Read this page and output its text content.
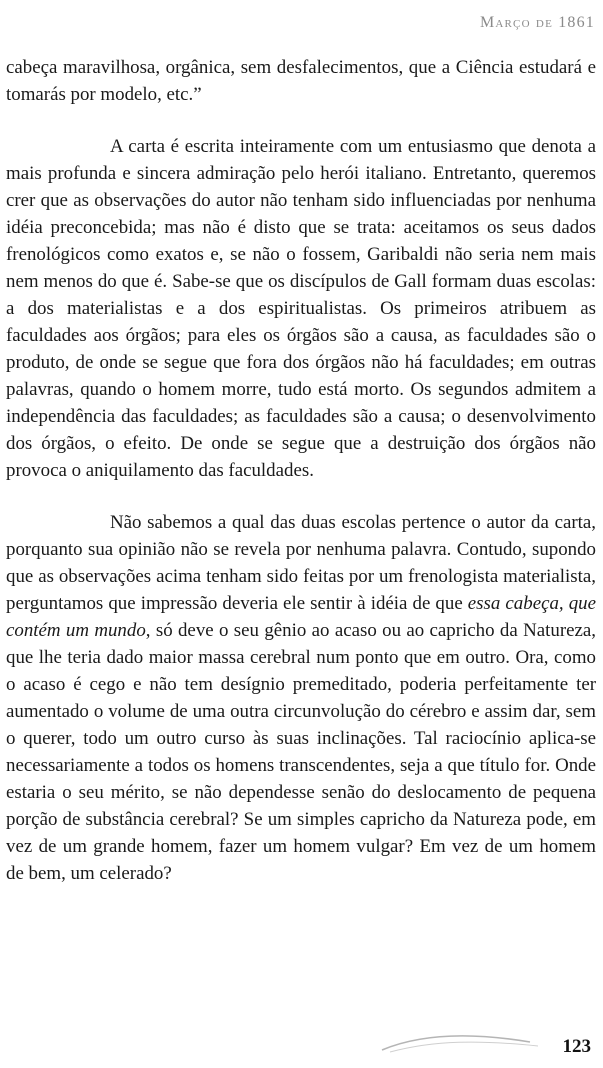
Março de 1861

cabeça maravilhosa, orgânica, sem desfalecimentos, que a Ciência estudará e tomarás por modelo, etc.”

A carta é escrita inteiramente com um entusiasmo que denota a mais profunda e sincera admiração pelo herói italiano. Entretanto, queremos crer que as observações do autor não tenham sido influenciadas por nenhuma idéia preconcebida; mas não é disto que se trata: aceitamos os seus dados frenológicos como exatos e, se não o fossem, Garibaldi não seria nem mais nem menos do que é. Sabe-se que os discípulos de Gall formam duas escolas: a dos materialistas e a dos espiritualistas. Os primeiros atribuem as faculdades aos órgãos; para eles os órgãos são a causa, as faculdades são o produto, de onde se segue que fora dos órgãos não há faculdades; em outras palavras, quando o homem morre, tudo está morto. Os segundos admitem a independência das faculdades; as faculdades são a causa; o desenvolvimento dos órgãos, o efeito. De onde se segue que a destruição dos órgãos não provoca o aniquilamento das faculdades.

Não sabemos a qual das duas escolas pertence o autor da carta, porquanto sua opinião não se revela por nenhuma palavra. Contudo, supondo que as observações acima tenham sido feitas por um frenologista materialista, perguntamos que impressão deveria ele sentir à idéia de que essa cabeça, que contém um mundo, só deve o seu gênio ao acaso ou ao capricho da Natureza, que lhe teria dado maior massa cerebral num ponto que em outro. Ora, como o acaso é cego e não tem desígnio premeditado, poderia perfeitamente ter aumentado o volume de uma outra circunvolução do cérebro e assim dar, sem o querer, todo um outro curso às suas inclinações. Tal raciocínio aplica-se necessariamente a todos os homens transcendentes, seja a que título for. Onde estaria o seu mérito, se não dependesse senão do deslocamento de pequena porção de substância cerebral? Se um simples capricho da Natureza pode, em vez de um grande homem, fazer um homem vulgar? Em vez de um homem de bem, um celerado?

123
